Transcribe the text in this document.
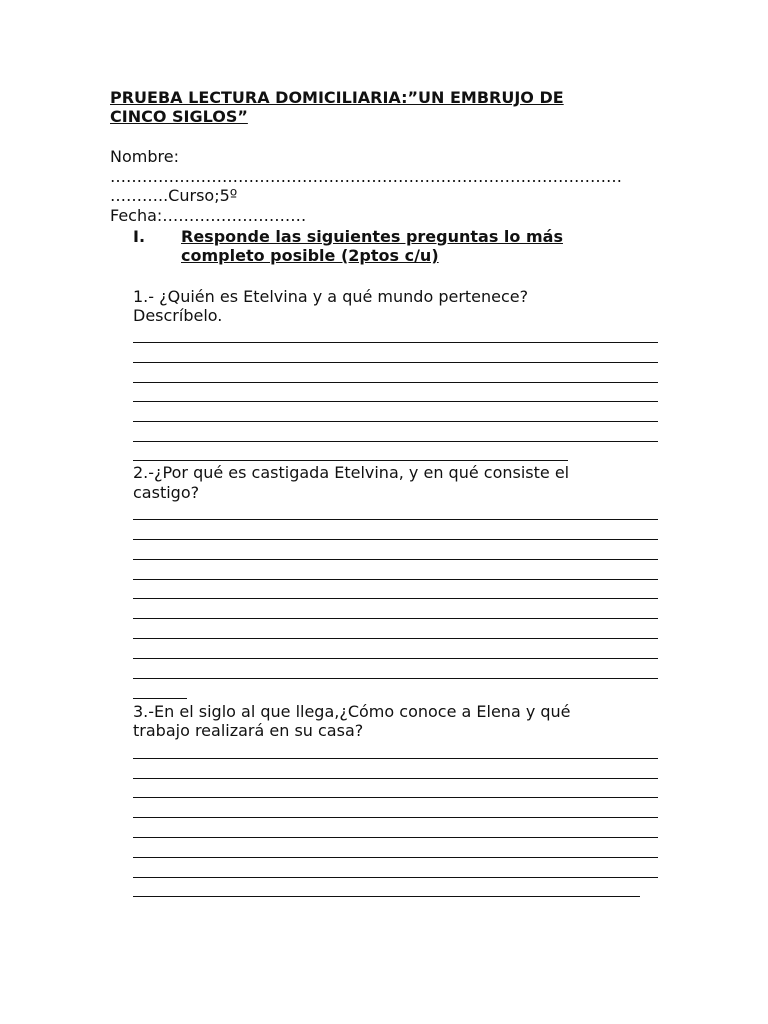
PRUEBA LECTURA DOMICILIARIA:”UN EMBRUJO DE
CINCO SIGLOS”
Nombre:
……………………………………………………………………………………
………..Curso;5º
Fecha:………………………
I. Responde las siguientes preguntas lo más
completo posible (2ptos c/u)
1.- ¿Quién es Etelvina y a qué mundo pertenece?
Descríbelo.
2.-¿Por qué es castigada Etelvina, y en qué consiste el
castigo?
3.-En el siglo al que llega,¿Cómo conoce a Elena y qué
trabajo realizará en su casa?
